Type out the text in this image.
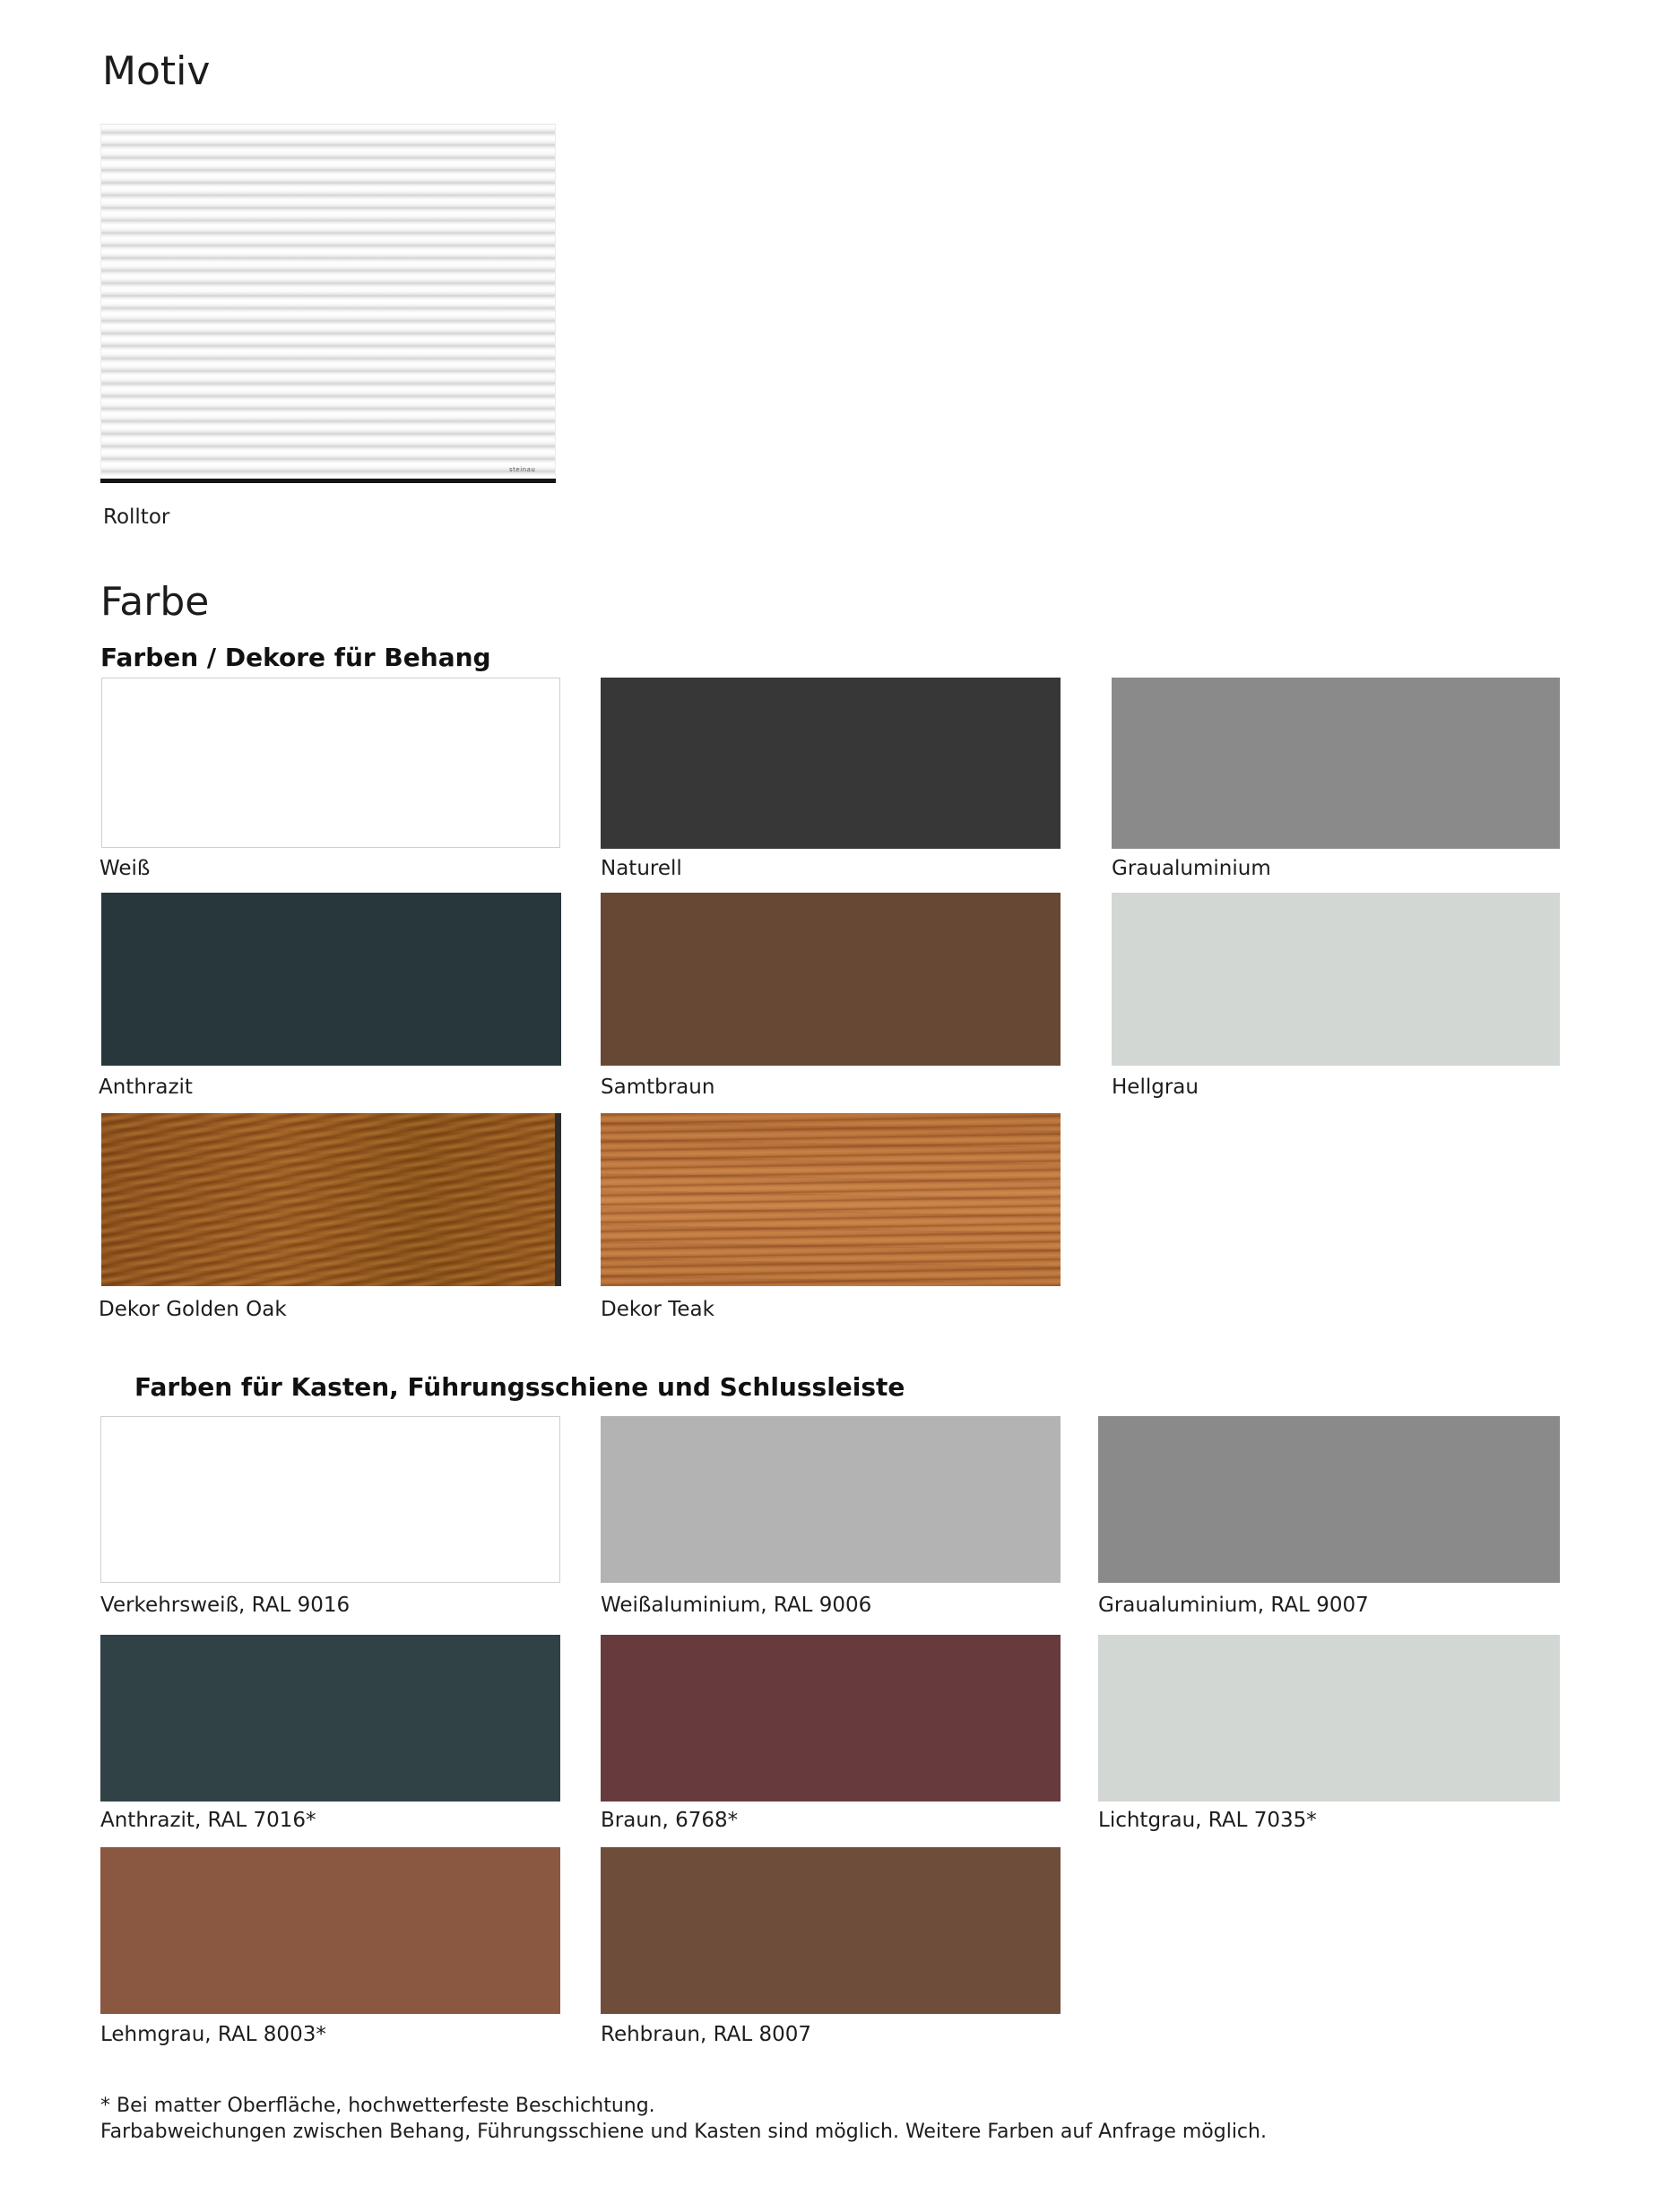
Motiv
steinau
Rolltor
Farbe
Farben / Dekore für Behang
Weiß	Naturell	Graualuminium
Anthrazit	Samtbraun	Hellgrau
Dekor Golden Oak	Dekor Teak
Farben für Kasten, Führungsschiene und Schlussleiste
Verkehrsweiß, RAL 9016	Weißaluminium, RAL 9006	Graualuminium, RAL 9007
Anthrazit, RAL 7016*	Braun, 6768*	Lichtgrau, RAL 7035*
Lehmgrau, RAL 8003*	Rehbraun, RAL 8007
* Bei matter Oberfläche, hochwetterfeste Beschichtung.
Farbabweichungen zwischen Behang, Führungsschiene und Kasten sind möglich. Weitere Farben auf Anfrage möglich.
